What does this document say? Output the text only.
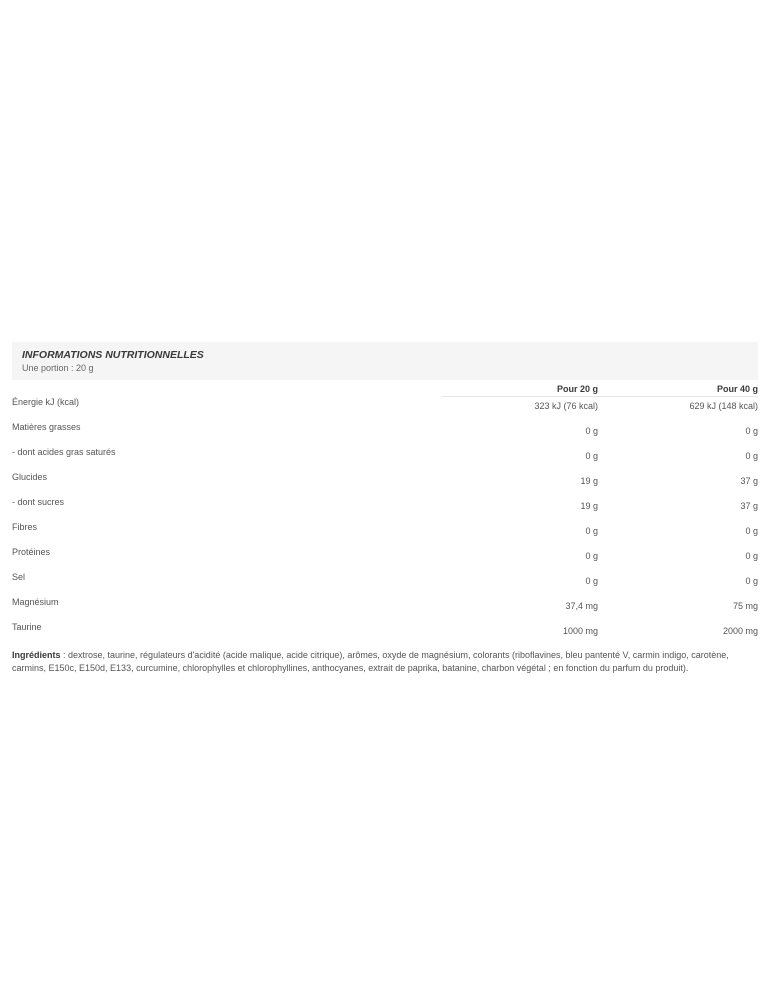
INFORMATIONS NUTRITIONNELLES
Une portion : 20 g
	Pour 20 g	Pour 40 g
Énergie kJ (kcal)	323 kJ (76 kcal)	629 kJ (148 kcal)
Matières grasses	0 g	0 g
- dont acides gras saturés	0 g	0 g
Glucides	19 g	37 g
- dont sucres	19 g	37 g
Fibres	0 g	0 g
Protéines	0 g	0 g
Sel	0 g	0 g
Magnésium	37,4 mg	75 mg
Taurine	1000 mg	2000 mg
Ingrédients : dextrose, taurine, régulateurs d'acidité (acide malique, acide citrique), arômes, oxyde de magnésium, colorants (riboflavines, bleu pantenté V, carmin indigo, carotène, carmins, E150c, E150d, E133, curcumine, chlorophylles et chlorophyllines, anthocyanes, extrait de paprika, batanine, charbon végétal ; en fonction du parfum du produit).
